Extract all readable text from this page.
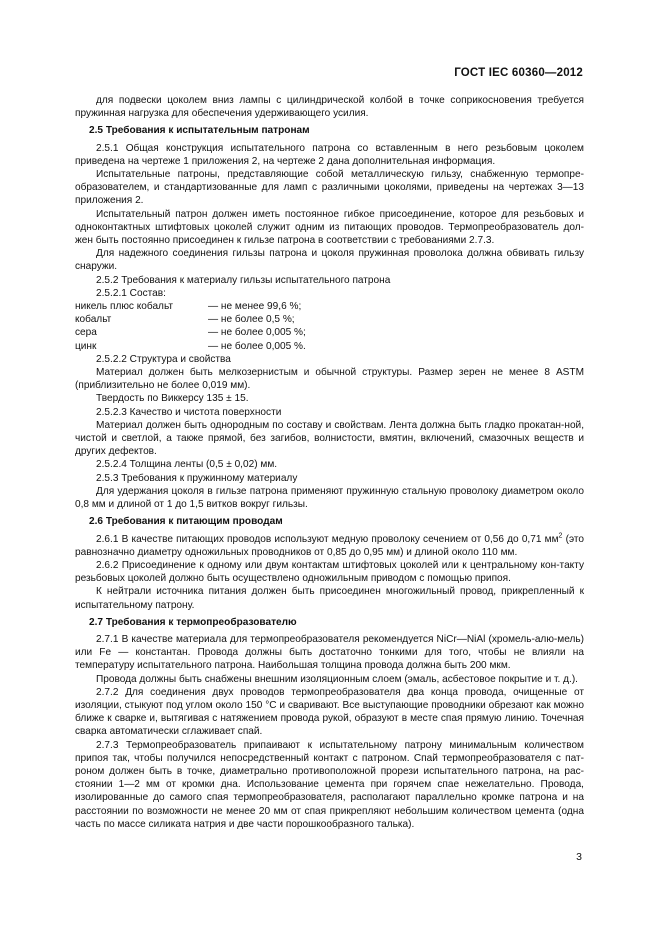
ГОСТ IEC 60360—2012

для подвески цоколем вниз лампы с цилиндрической колбой в точке соприкосновения требуется пружинная нагрузка для обеспечения удерживающего усилия.

2.5 Требования к испытательным патронам

2.5.1 Общая конструкция испытательного патрона со вставленным в него резьбовым цоколем приведена на чертеже 1 приложения 2, на чертеже 2 дана дополнительная информация.

Испытательные патроны, представляющие собой металлическую гильзу, снабженную термопре-образователем, и стандартизованные для ламп с различными цоколями, приведены на чертежах 3—13 приложения 2.

Испытательный патрон должен иметь постоянное гибкое присоединение, которое для резьбовых и одноконтактных штифтовых цоколей служит одним из питающих проводов. Термопреобразователь дол-жен быть постоянно присоединен к гильзе патрона в соответствии с требованиями 2.7.3.

Для надежного соединения гильзы патрона и цоколя пружинная проволока должна обвивать гильзу снаружи.

2.5.2 Требования к материалу гильзы испытательного патрона

2.5.2.1 Состав:

никель плюс кобальт	— не менее 99,6 %;
кобальт	— не более 0,5 %;
сера	— не более 0,005 %;
цинк	— не более 0,005 %.

2.5.2.2 Структура и свойства

Материал должен быть мелкозернистым и обычной структуры. Размер зерен не менее 8 ASTM (приблизительно не более 0,019 мм).

Твердость по Виккерсу 135 ± 15.

2.5.2.3 Качество и чистота поверхности

Материал должен быть однородным по составу и свойствам. Лента должна быть гладко прокатан-ной, чистой и светлой, а также прямой, без загибов, волнистости, вмятин, включений, смазочных веществ и других дефектов.

2.5.2.4 Толщина ленты (0,5 ± 0,02) мм.

2.5.3 Требования к пружинному материалу

Для удержания цоколя в гильзе патрона применяют пружинную стальную проволоку диаметром около 0,8 мм и длиной от 1 до 1,5 витков вокруг гильзы.

2.6 Требования к питающим проводам

2.6.1 В качестве питающих проводов используют медную проволоку сечением от 0,56 до 0,71 $мм^2$ (это равнозначно диаметру одножильных проводников от 0,85 до 0,95 мм) и длиной около 110 мм.

2.6.2 Присоединение к одному или двум контактам штифтовых цоколей или к центральному кон-такту резьбовых цоколей должно быть осуществлено одножильным приводом с помощью припоя.

К нейтрали источника питания должен быть присоединен многожильный провод, прикрепленный к испытательному патрону.

2.7 Требования к термопреобразователю

2.7.1 В качестве материала для термопреобразователя рекомендуется NiCr—NiAl (хромель-алю-мель) или Fe — константан. Провода должны быть достаточно тонкими для того, чтобы не влияли на температуру испытательного патрона. Наибольшая толщина провода должна быть 200 мкм.

Провода должны быть снабжены внешним изоляционным слоем (эмаль, асбестовое покрытие и т. д.).

2.7.2 Для соединения двух проводов термопреобразователя два конца провода, очищенные от изоляции, стыкуют под углом около 150 °С и сваривают. Все выступающие проводники обрезают как можно ближе к сварке и, вытягивая с натяжением провода рукой, образуют в месте спая прямую линию. Точечная сварка автоматически сглаживает спай.

2.7.3 Термопреобразователь припаивают к испытательному патрону минимальным количеством припоя так, чтобы получился непосредственный контакт с патроном. Спай термопреобразователя с пат-роном должен быть в точке, диаметрально противоположной прорези испытательного патрона, на рас-стоянии 1—2 мм от кромки дна. Использование цемента при горячем спае нежелательно. Провода, изолированные до самого спая термопреобразователя, располагают параллельно кромке патрона и на расстоянии по возможности не менее 20 мм от спая прикрепляют небольшим количеством цемента (одна часть по массе силиката натрия и две части порошкообразного талька).

3
